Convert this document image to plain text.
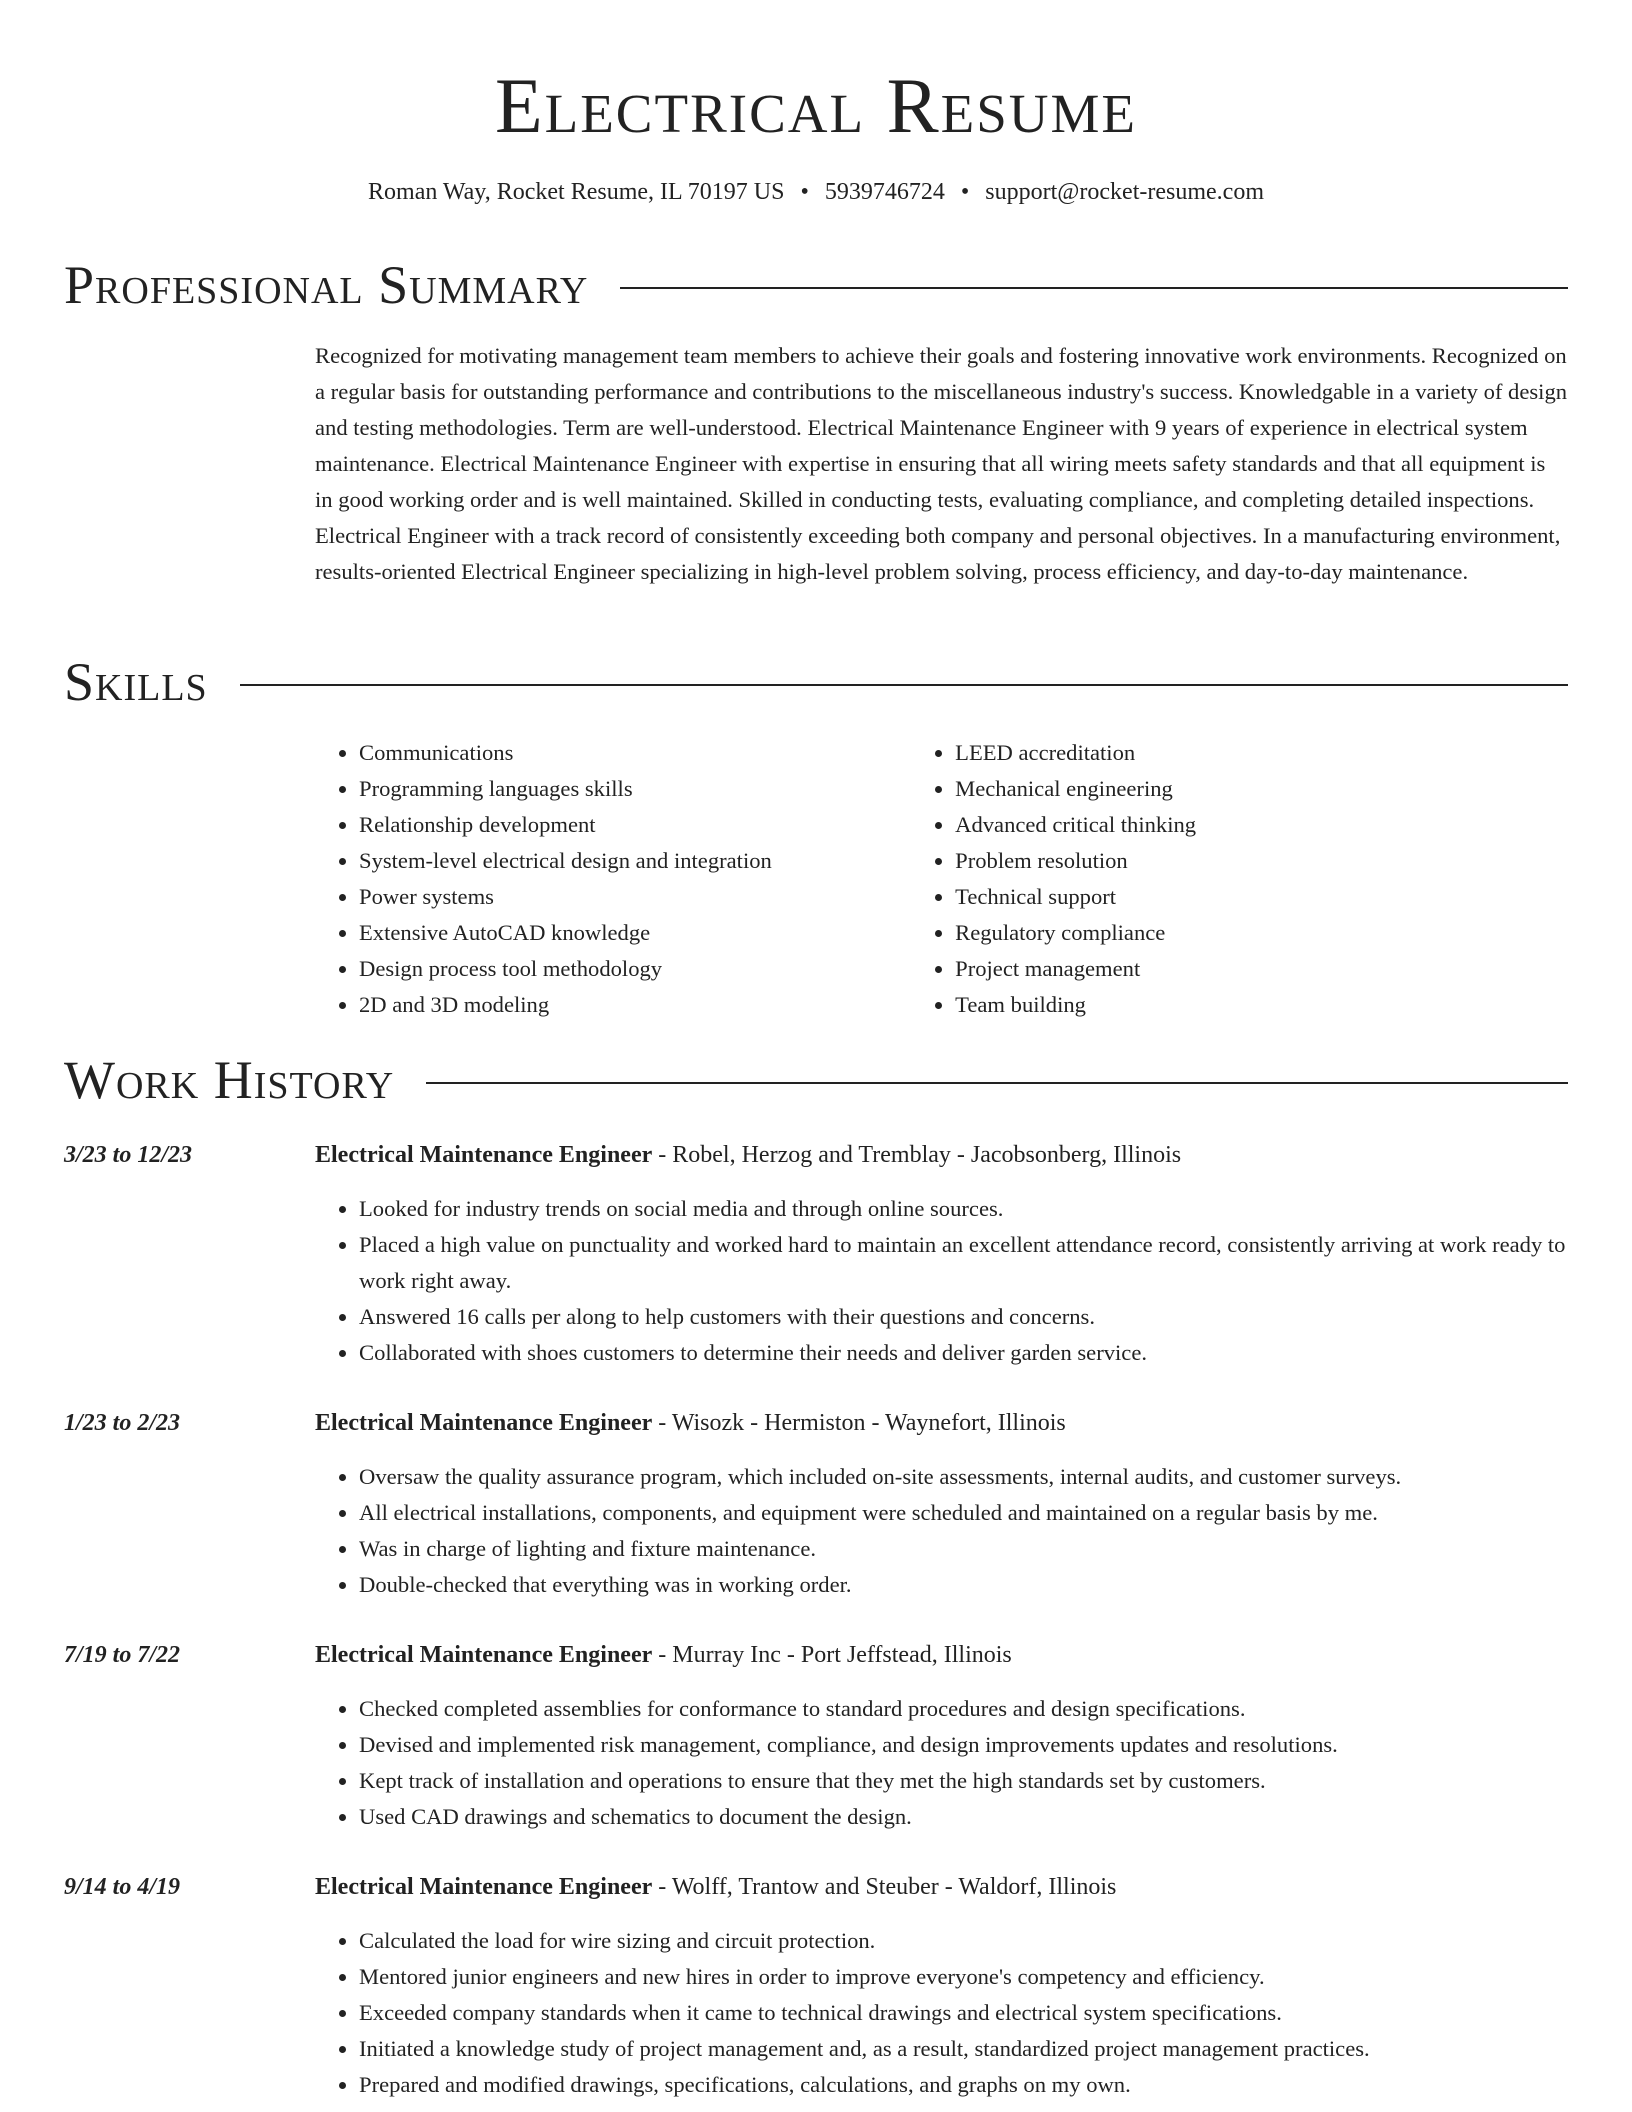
Electrical Resume
Roman Way, Rocket Resume, IL 70197 US • 5939746724 • support@rocket-resume.com
Professional Summary

Recognized for motivating management team members to achieve their goals and fostering innovative work environments. Recognized on a regular basis for outstanding performance and contributions to the miscellaneous industry's success. Knowledgable in a variety of design and testing methodologies. Term are well-understood. Electrical Maintenance Engineer with 9 years of experience in electrical system maintenance. Electrical Maintenance Engineer with expertise in ensuring that all wiring meets safety standards and that all equipment is in good working order and is well maintained. Skilled in conducting tests, evaluating compliance, and completing detailed inspections. Electrical Engineer with a track record of consistently exceeding both company and personal objectives. In a manufacturing environment, results-oriented Electrical Engineer specializing in high-level problem solving, process efficiency, and day-to-day maintenance.

Skills
• Communications
• Programming languages skills
• Relationship development
• System-level electrical design and integration
• Power systems
• Extensive AutoCAD knowledge
• Design process tool methodology
• 2D and 3D modeling
• LEED accreditation
• Mechanical engineering
• Advanced critical thinking
• Problem resolution
• Technical support
• Regulatory compliance
• Project management
• Team building
Work History
3/23 to 12/23	Electrical Maintenance Engineer - Robel, Herzog and Tremblay - Jacobsonberg, Illinois
• Looked for industry trends on social media and through online sources.
• Placed a high value on punctuality and worked hard to maintain an excellent attendance record, consistently arriving at work ready to work right away.
• Answered 16 calls per along to help customers with their questions and concerns.
• Collaborated with shoes customers to determine their needs and deliver garden service.
1/23 to 2/23	Electrical Maintenance Engineer - Wisozk - Hermiston - Waynefort, Illinois
• Oversaw the quality assurance program, which included on-site assessments, internal audits, and customer surveys.
• All electrical installations, components, and equipment were scheduled and maintained on a regular basis by me.
• Was in charge of lighting and fixture maintenance.
• Double-checked that everything was in working order.
7/19 to 7/22	Electrical Maintenance Engineer - Murray Inc - Port Jeffstead, Illinois
• Checked completed assemblies for conformance to standard procedures and design specifications.
• Devised and implemented risk management, compliance, and design improvements updates and resolutions.
• Kept track of installation and operations to ensure that they met the high standards set by customers.
• Used CAD drawings and schematics to document the design.
9/14 to 4/19	Electrical Maintenance Engineer - Wolff, Trantow and Steuber - Waldorf, Illinois
• Calculated the load for wire sizing and circuit protection.
• Mentored junior engineers and new hires in order to improve everyone's competency and efficiency.
• Exceeded company standards when it came to technical drawings and electrical system specifications.
• Initiated a knowledge study of project management and, as a result, standardized project management practices.
• Prepared and modified drawings, specifications, calculations, and graphs on my own.
